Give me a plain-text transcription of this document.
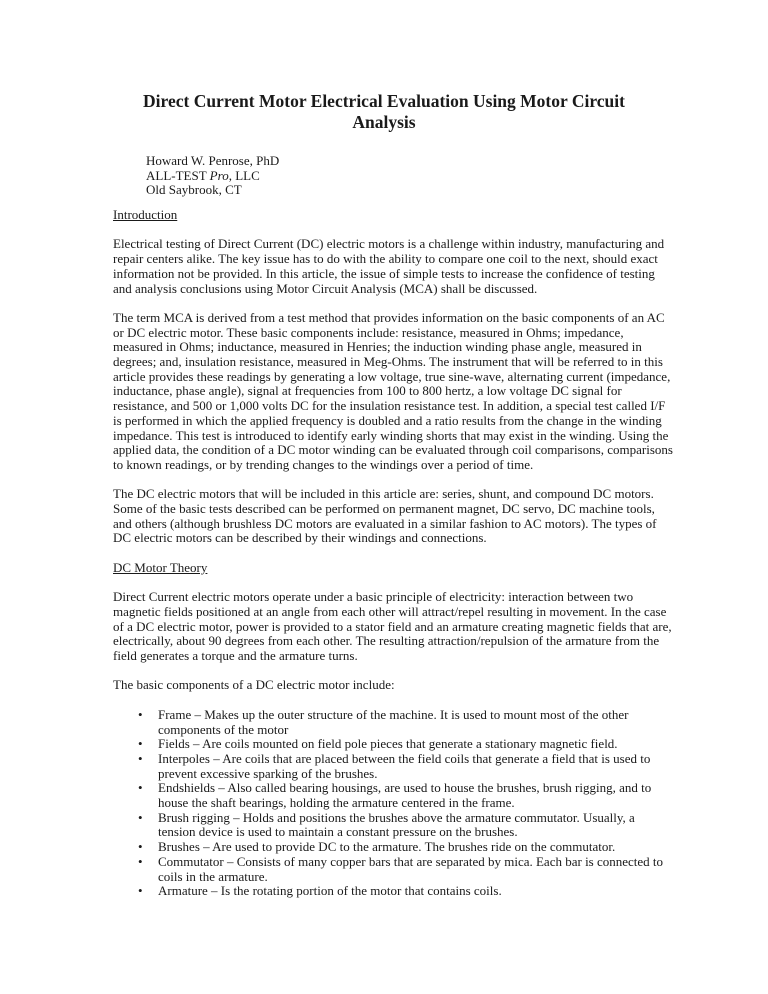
Direct Current Motor Electrical Evaluation Using Motor Circuit
Analysis
Howard W. Penrose, PhD
ALL-TEST Pro, LLC
Old Saybrook, CT
Introduction

Electrical testing of Direct Current (DC) electric motors is a challenge within industry, manufacturing and repair centers alike. The key issue has to do with the ability to compare one coil to the next, should exact information not be provided. In this article, the issue of simple tests to increase the confidence of testing and analysis conclusions using Motor Circuit Analysis (MCA) shall be discussed.

The term MCA is derived from a test method that provides information on the basic components of an AC or DC electric motor. These basic components include: resistance, measured in Ohms; impedance, measured in Ohms; inductance, measured in Henries; the induction winding phase angle, measured in degrees; and, insulation resistance, measured in Meg-Ohms. The instrument that will be referred to in this article provides these readings by generating a low voltage, true sine-wave, alternating current (impedance, inductance, phase angle), signal at frequencies from 100 to 800 hertz, a low voltage DC signal for resistance, and 500 or 1,000 volts DC for the insulation resistance test. In addition, a special test called I/F is performed in which the applied frequency is doubled and a ratio results from the change in the winding impedance. This test is introduced to identify early winding shorts that may exist in the winding. Using the applied data, the condition of a DC motor winding can be evaluated through coil comparisons, comparisons to known readings, or by trending changes to the windings over a period of time.

The DC electric motors that will be included in this article are: series, shunt, and compound DC motors. Some of the basic tests described can be performed on permanent magnet, DC servo, DC machine tools, and others (although brushless DC motors are evaluated in a similar fashion to AC motors). The types of DC electric motors can be described by their windings and connections.

DC Motor Theory

Direct Current electric motors operate under a basic principle of electricity: interaction between two magnetic fields positioned at an angle from each other will attract/repel resulting in movement. In the case of a DC electric motor, power is provided to a stator field and an armature creating magnetic fields that are, electrically, about 90 degrees from each other. The resulting attraction/repulsion of the armature from the field generates a torque and the armature turns.

The basic components of a DC electric motor include:

• Frame – Makes up the outer structure of the machine. It is used to mount most of the other components of the motor
• Fields – Are coils mounted on field pole pieces that generate a stationary magnetic field.
• Interpoles – Are coils that are placed between the field coils that generate a field that is used to prevent excessive sparking of the brushes.
• Endshields – Also called bearing housings, are used to house the brushes, brush rigging, and to house the shaft bearings, holding the armature centered in the frame.
• Brush rigging – Holds and positions the brushes above the armature commutator. Usually, a tension device is used to maintain a constant pressure on the brushes.
• Brushes – Are used to provide DC to the armature. The brushes ride on the commutator.
• Commutator – Consists of many copper bars that are separated by mica. Each bar is connected to coils in the armature.
• Armature – Is the rotating portion of the motor that contains coils.
